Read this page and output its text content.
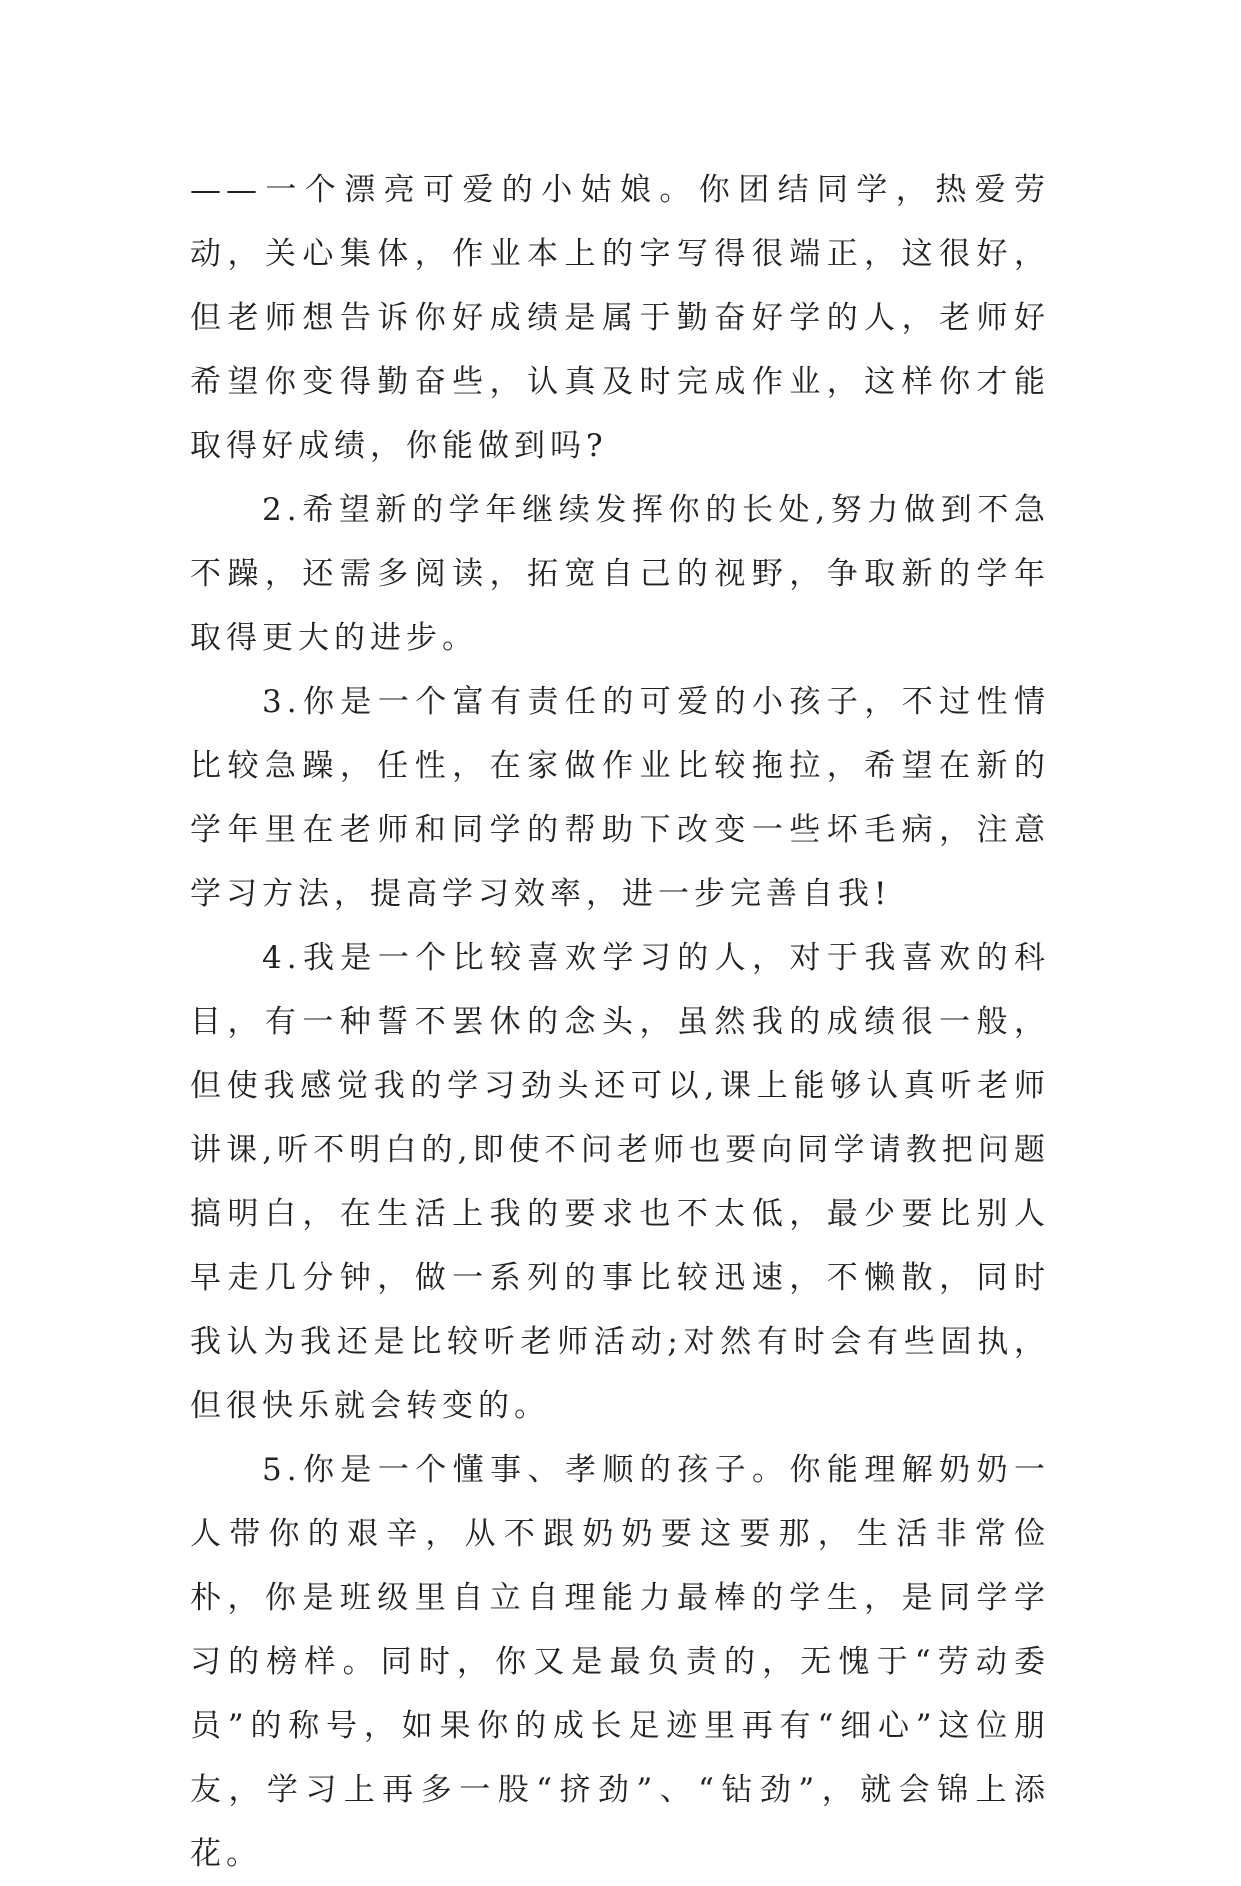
——一个漂亮可爱的小姑娘。你团结同学，热爱劳动，关心集体，作业本上的字写得很端正，这很好，但老师想告诉你好成绩是属于勤奋好学的人，老师好希望你变得勤奋些，认真及时完成作业，这样你才能取得好成绩，你能做到吗?

2.希望新的学年继续发挥你的长处,努力做到不急不躁，还需多阅读，拓宽自己的视野，争取新的学年取得更大的进步。

3.你是一个富有责任的可爱的小孩子，不过性情比较急躁，任性，在家做作业比较拖拉，希望在新的学年里在老师和同学的帮助下改变一些坏毛病，注意学习方法，提高学习效率，进一步完善自我!

4.我是一个比较喜欢学习的人，对于我喜欢的科目，有一种誓不罢休的念头，虽然我的成绩很一般，但使我感觉我的学习劲头还可以,课上能够认真听老师讲课,听不明白的,即使不问老师也要向同学请教把问题搞明白，在生活上我的要求也不太低，最少要比别人早走几分钟，做一系列的事比较迅速，不懒散，同时我认为我还是比较听老师活动;对然有时会有些固执，但很快乐就会转变的。

5.你是一个懂事、孝顺的孩子。你能理解奶奶一人带你的艰辛，从不跟奶奶要这要那，生活非常俭朴，你是班级里自立自理能力最棒的学生，是同学学习的榜样。同时，你又是最负责的，无愧于“劳动委员”的称号，如果你的成长足迹里再有“细心”这位朋友，学习上再多一股“挤劲”、“钻劲”，就会锦上添花。
